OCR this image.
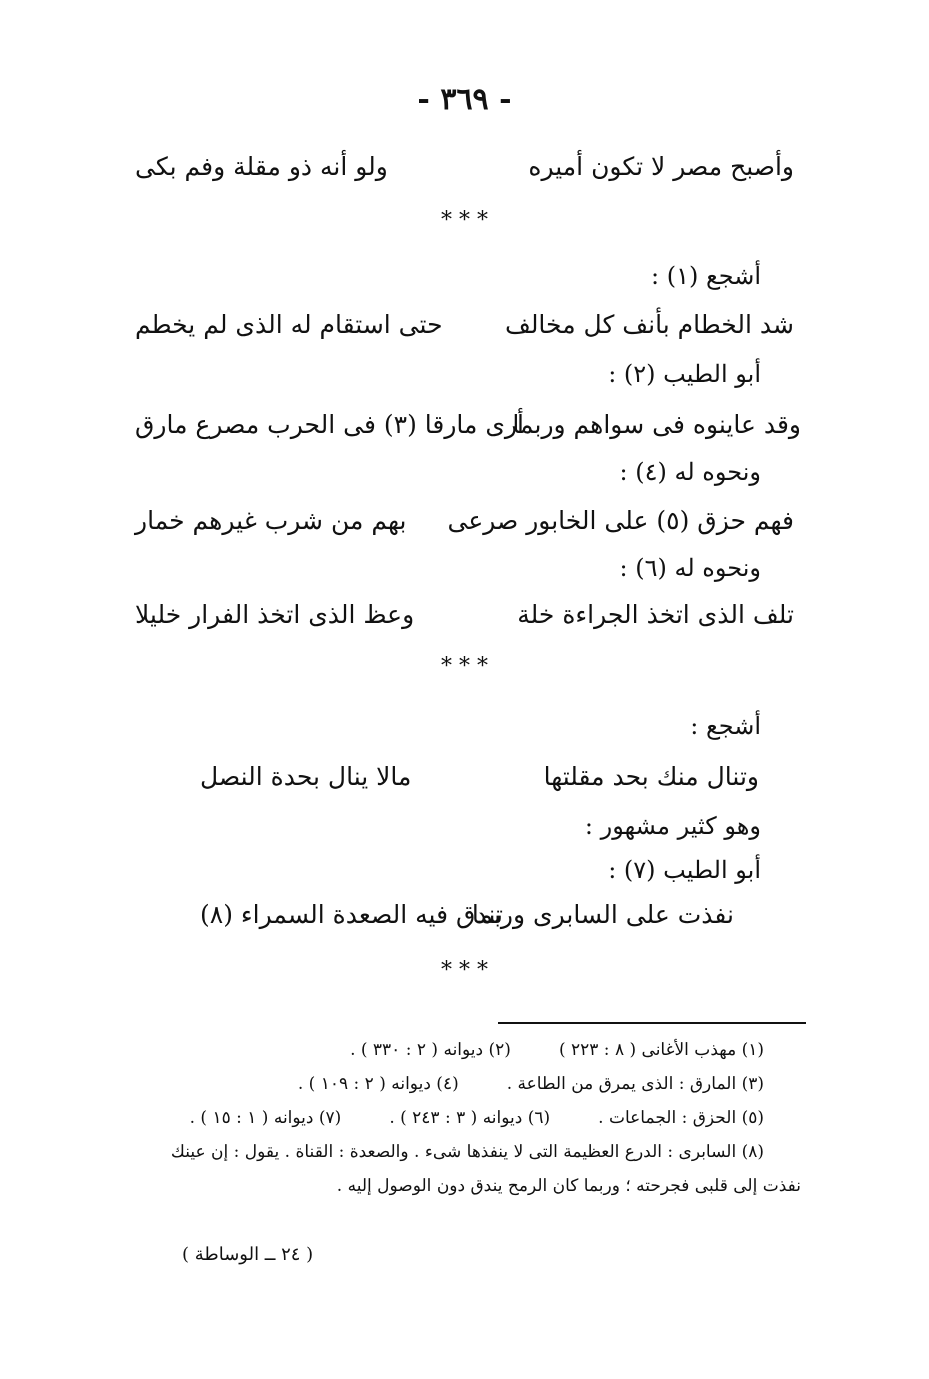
- ٣٦٩ -
وأصبح مصر لا تكون أميره
ولو أنه ذو مقلة وفم بكى
* * *
أشجع (١) :
شد الخطام بأنف كل مخالف
حتى استقام له الذى لم يخطم
أبو الطيب (٢) :
وقد عاينوه فى سواهم وربما
أرى مارقا (٣) فى الحرب مصرع مارق
ونحوه له (٤) :
فهم حزق (٥) على الخابور صرعى
بهم من شرب غيرهم خمار
ونحوه له (٦) :
تلف الذى اتخذ الجراءة خلة
وعظ الذى اتخذ الفرار خليلا
* * *
أشجع :
وتنال منك بحد مقلتها
مالا ينال بحدة النصل
وهو كثير مشهور :
أبو الطيب (٧) :
نفذت على السابرى وربما
تندق فيه الصعدة السمراء (٨)
* * *
(١) مهذب الأغانى ( ٨ : ٢٢٣ )(٢) ديوانه ( ٢ : ٣٣٠ ) .
(٣) المارق : الذى يمرق من الطاعة .(٤) ديوانه ( ٢ : ١٠٩ ) .
(٥) الحزق : الجماعات .(٦) ديوانه ( ٣ : ٢٤٣ ) .(٧) ديوانه ( ١ : ١٥ ) .
(٨) السابرى : الدرع العظيمة التى لا ينفذها شىء . والصعدة : القناة . يقول : إن عينك
نفذت إلى قلبى فجرحته ؛ وربما كان الرمح يندق دون الوصول إليه .
( ٢٤ ــ الوساطة )
